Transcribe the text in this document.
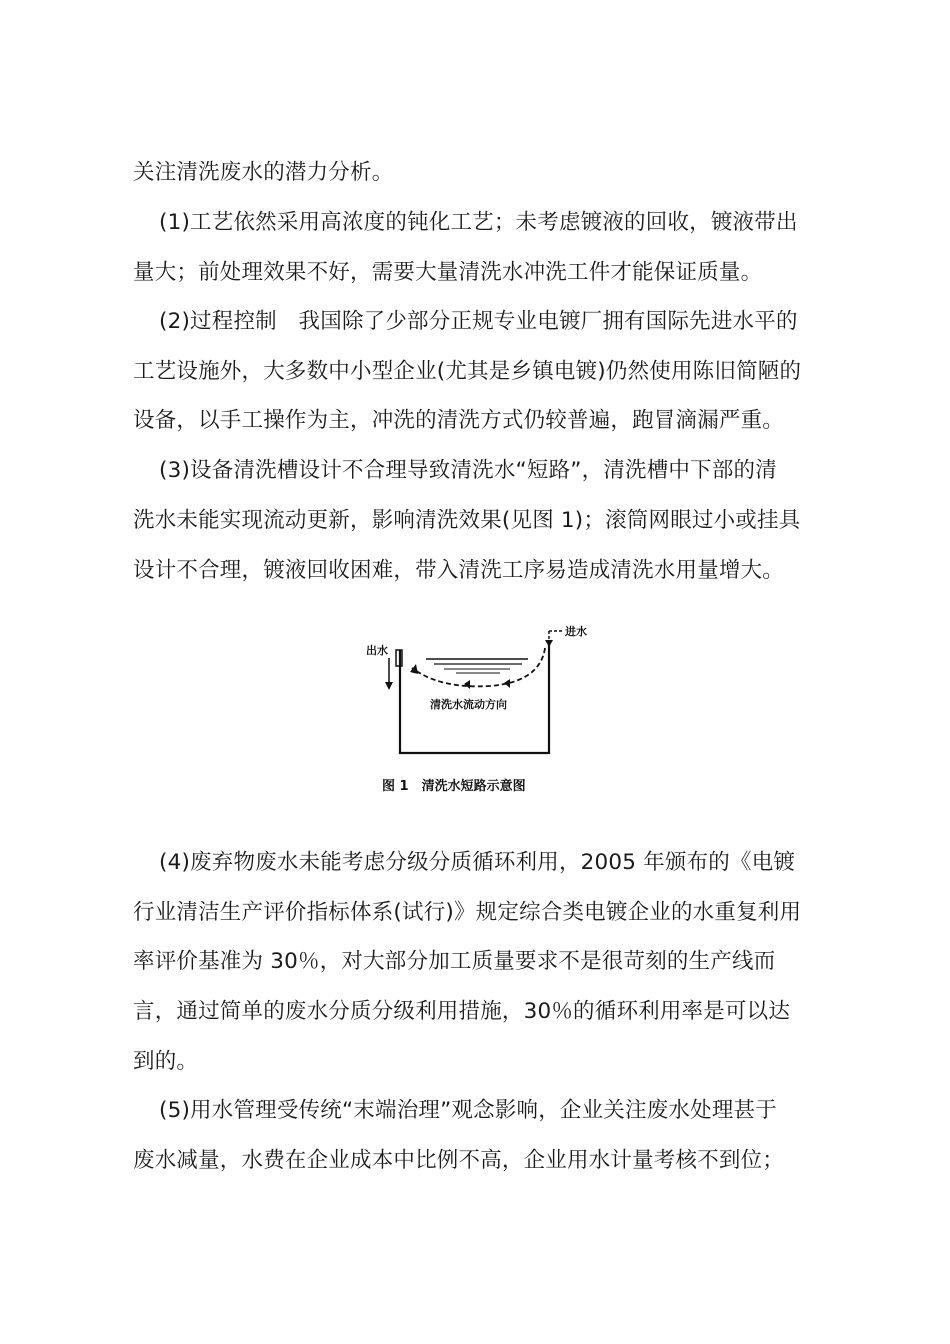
关注清洗废水的潜力分析。
(1)工艺依然采用高浓度的钝化工艺；未考虑镀液的回收，镀液带出
量大；前处理效果不好，需要大量清洗水冲洗工件才能保证质量。
(2)过程控制　我国除了少部分正规专业电镀厂拥有国际先进水平的
工艺设施外，大多数中小型企业(尤其是乡镇电镀)仍然使用陈旧简陋的
设备，以手工操作为主，冲洗的清洗方式仍较普遍，跑冒滴漏严重。
(3)设备清洗槽设计不合理导致清洗水“短路”，清洗槽中下部的清
洗水未能实现流动更新，影响清洗效果(见图 1)；滚筒网眼过小或挂具
设计不合理，镀液回收困难，带入清洗工序易造成清洗水用量增大。
出水
进水
清洗水流动方向
图 1　清洗水短路示意图
(4)废弃物废水未能考虑分级分质循环利用，2005 年颁布的《电镀
行业清洁生产评价指标体系(试行)》规定综合类电镀企业的水重复利用
率评价基准为 30％，对大部分加工质量要求不是很苛刻的生产线而
言，通过简单的废水分质分级利用措施，30％的循环利用率是可以达
到的。
(5)用水管理受传统“末端治理”观念影响，企业关注废水处理甚于
废水减量，水费在企业成本中比例不高，企业用水计量考核不到位；
